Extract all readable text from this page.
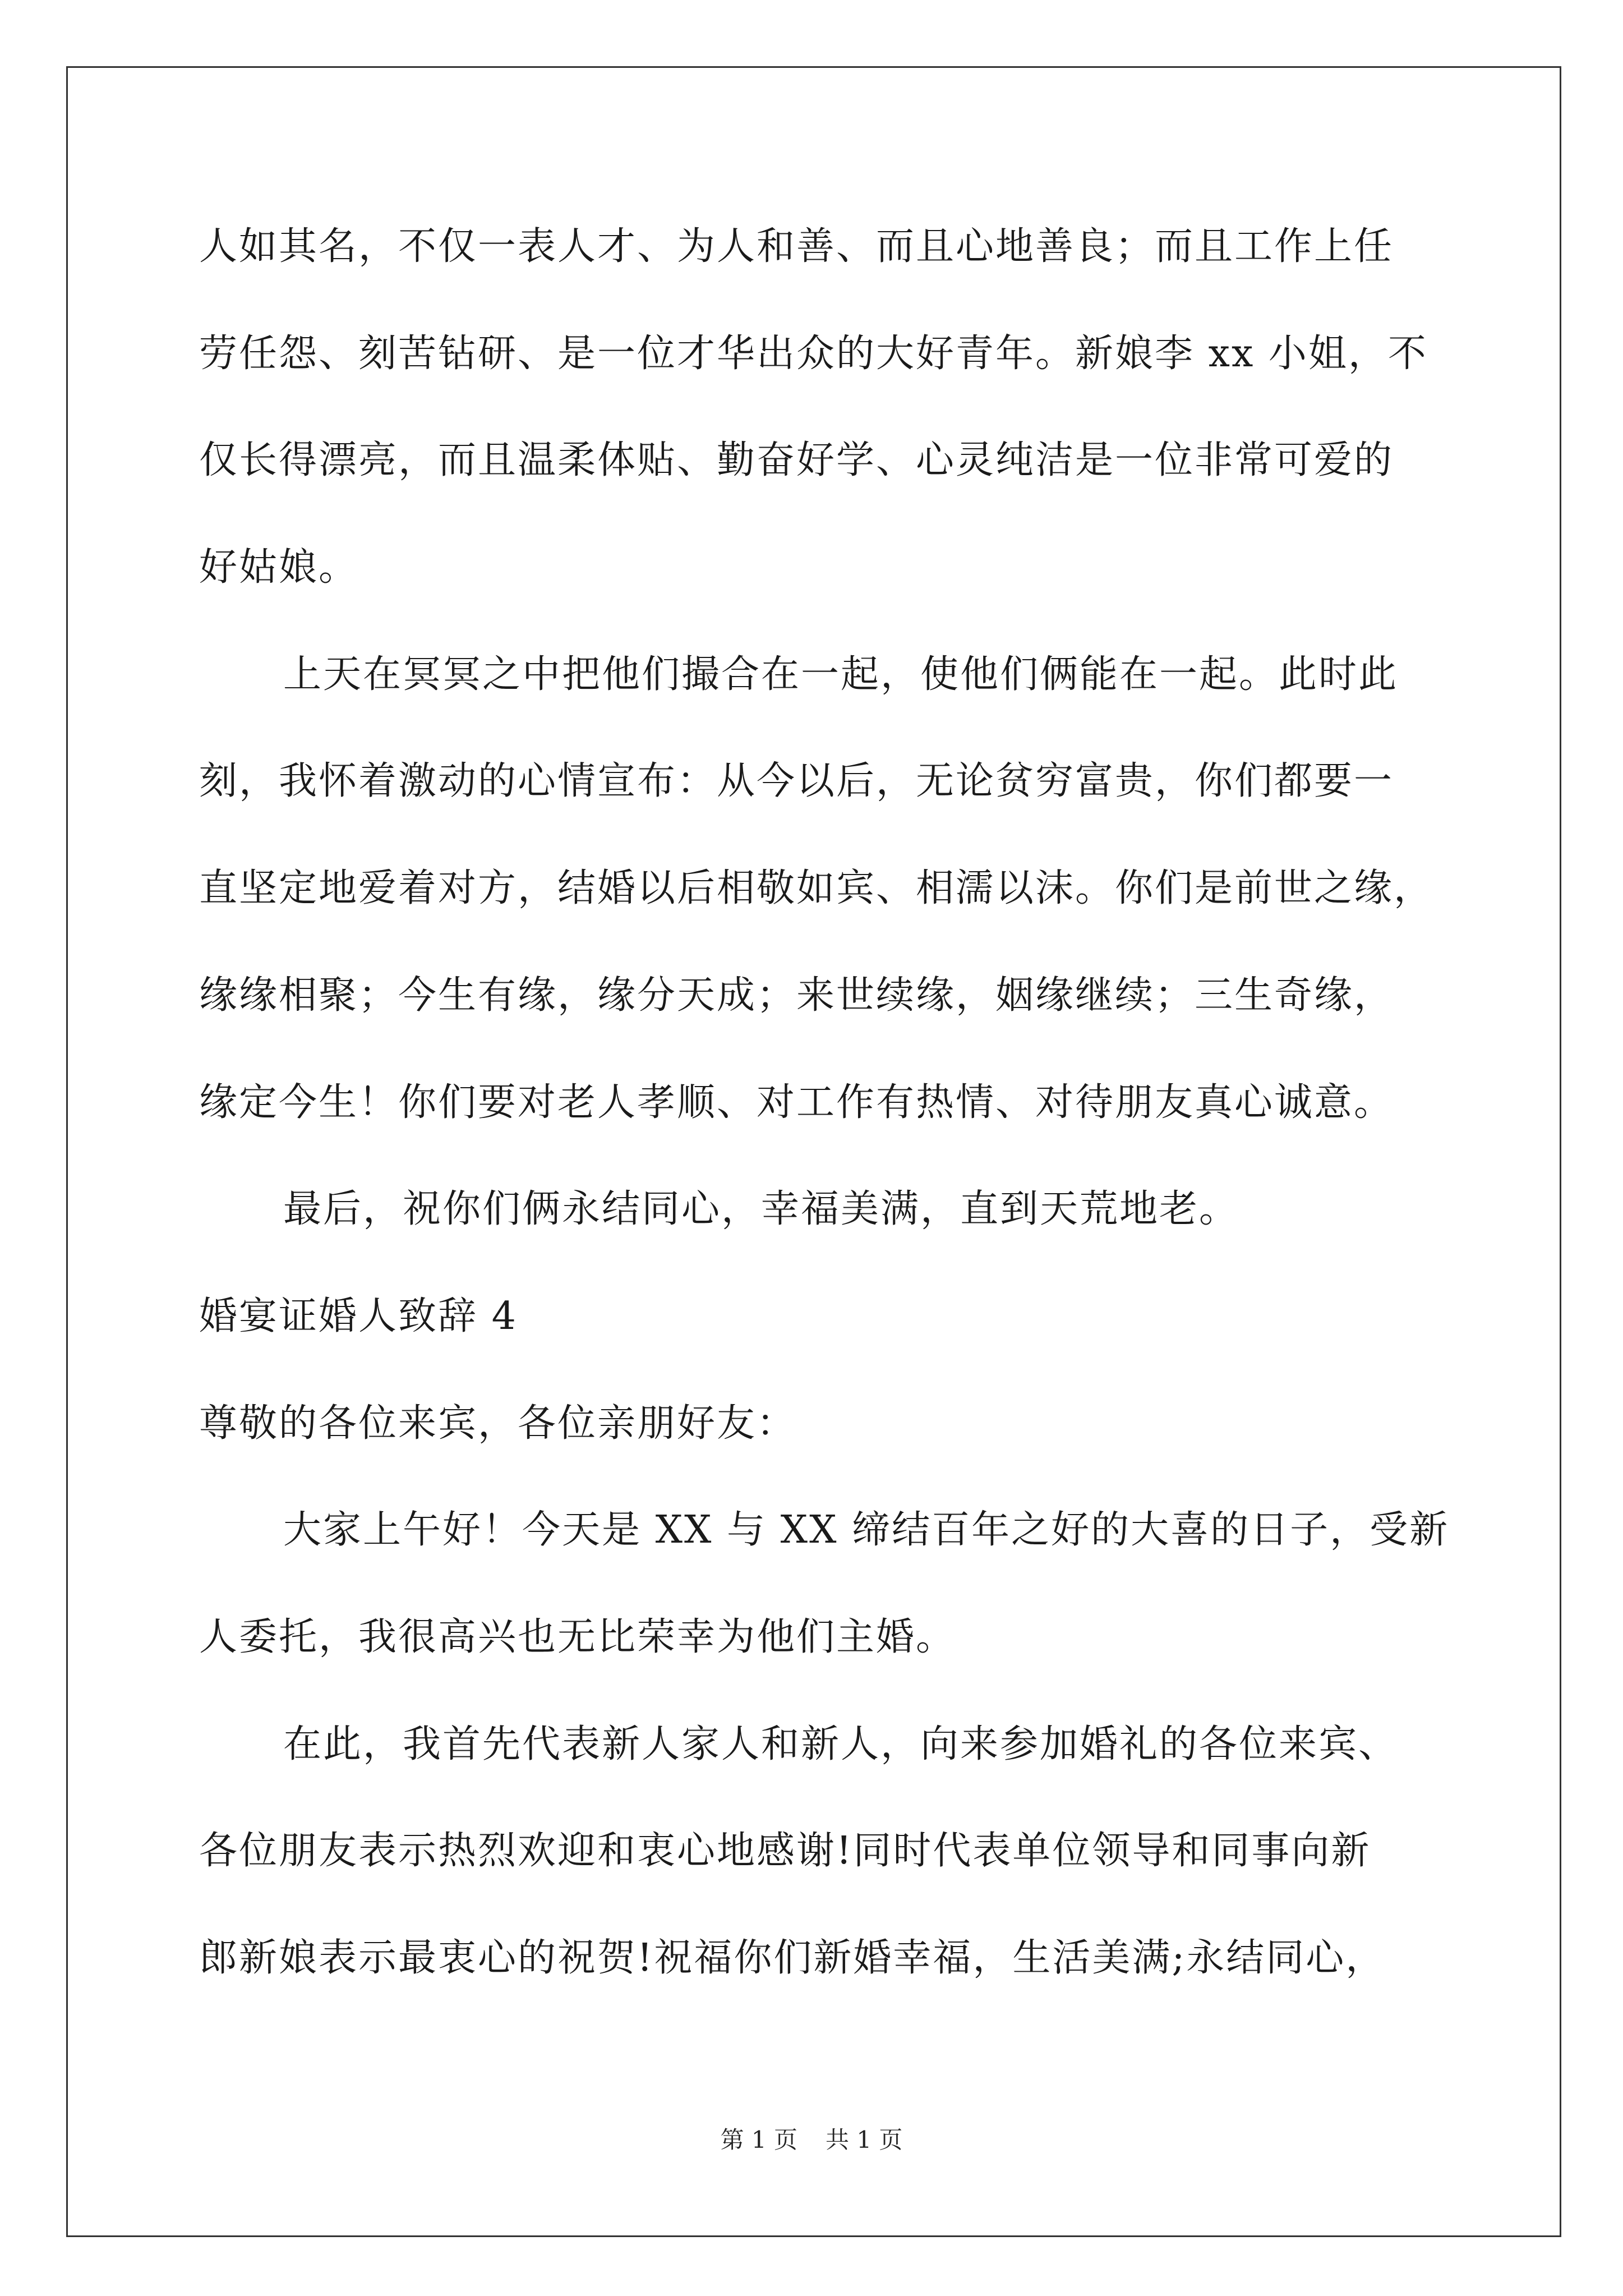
人如其名，不仅一表人才、为人和善、而且心地善良；而且工作上任
劳任怨、刻苦钻研、是一位才华出众的大好青年。新娘李 xx 小姐，不
仅长得漂亮，而且温柔体贴、勤奋好学、心灵纯洁是一位非常可爱的
好姑娘。
上天在冥冥之中把他们撮合在一起，使他们俩能在一起。此时此
刻，我怀着激动的心情宣布：从今以后，无论贫穷富贵，你们都要一
直坚定地爱着对方，结婚以后相敬如宾、相濡以沫。你们是前世之缘，
缘缘相聚；今生有缘，缘分天成；来世续缘，姻缘继续；三生奇缘，
缘定今生！你们要对老人孝顺、对工作有热情、对待朋友真心诚意。
最后，祝你们俩永结同心，幸福美满，直到天荒地老。
婚宴证婚人致辞 4
尊敬的各位来宾，各位亲朋好友：
大家上午好！今天是 XX 与 XX 缔结百年之好的大喜的日子，受新
人委托，我很高兴也无比荣幸为他们主婚。
在此，我首先代表新人家人和新人，向来参加婚礼的各位来宾、
各位朋友表示热烈欢迎和衷心地感谢!同时代表单位领导和同事向新
郎新娘表示最衷心的祝贺!祝福你们新婚幸福，生活美满;永结同心，
第 1 页 共 1 页
